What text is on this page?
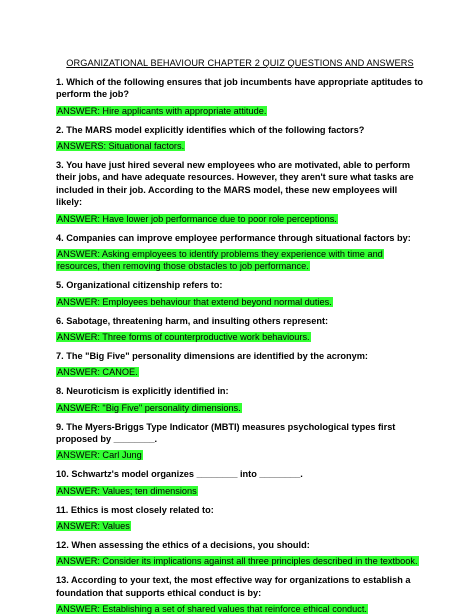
ORGANIZATIONAL BEHAVIOUR CHAPTER 2 QUIZ QUESTIONS AND ANSWERS
1. Which of the following ensures that job incumbents have appropriate aptitudes to perform the job?
ANSWER: Hire applicants with appropriate attitude.
2. The MARS model explicitly identifies which of the following factors?
ANSWERS: Situational factors.
3. You have just hired several new employees who are motivated, able to perform their jobs, and have adequate resources. However, they aren't sure what tasks are included in their job. According to the MARS model, these new employees will likely:
ANSWER: Have lower job performance due to poor role perceptions.
4. Companies can improve employee performance through situational factors by:
ANSWER: Asking employees to identify problems they experience with time and resources, then removing those obstacles to job performance.
5. Organizational citizenship refers to:
ANSWER: Employees behaviour that extend beyond normal duties.
6. Sabotage, threatening harm, and insulting others represent:
ANSWER: Three forms of counterproductive work behaviours.
7. The "Big Five" personality dimensions are identified by the acronym:
ANSWER: CANOE.
8. Neuroticism is explicitly identified in:
ANSWER: "Big Five" personality dimensions.
9. The Myers-Briggs Type Indicator (MBTI) measures psychological types first proposed by ________.
ANSWER: Carl Jung
10. Schwartz's model organizes ________ into ________.
ANSWER: Values; ten dimensions
11. Ethics is most closely related to:
ANSWER: Values
12. When assessing the ethics of a decisions, you should:
ANSWER: Consider its implications against all three principles described in the textbook.
13. According to your text, the most effective way for organizations to establish a foundation that supports ethical conduct is by:
ANSWER: Establishing a set of shared values that reinforce ethical conduct.
